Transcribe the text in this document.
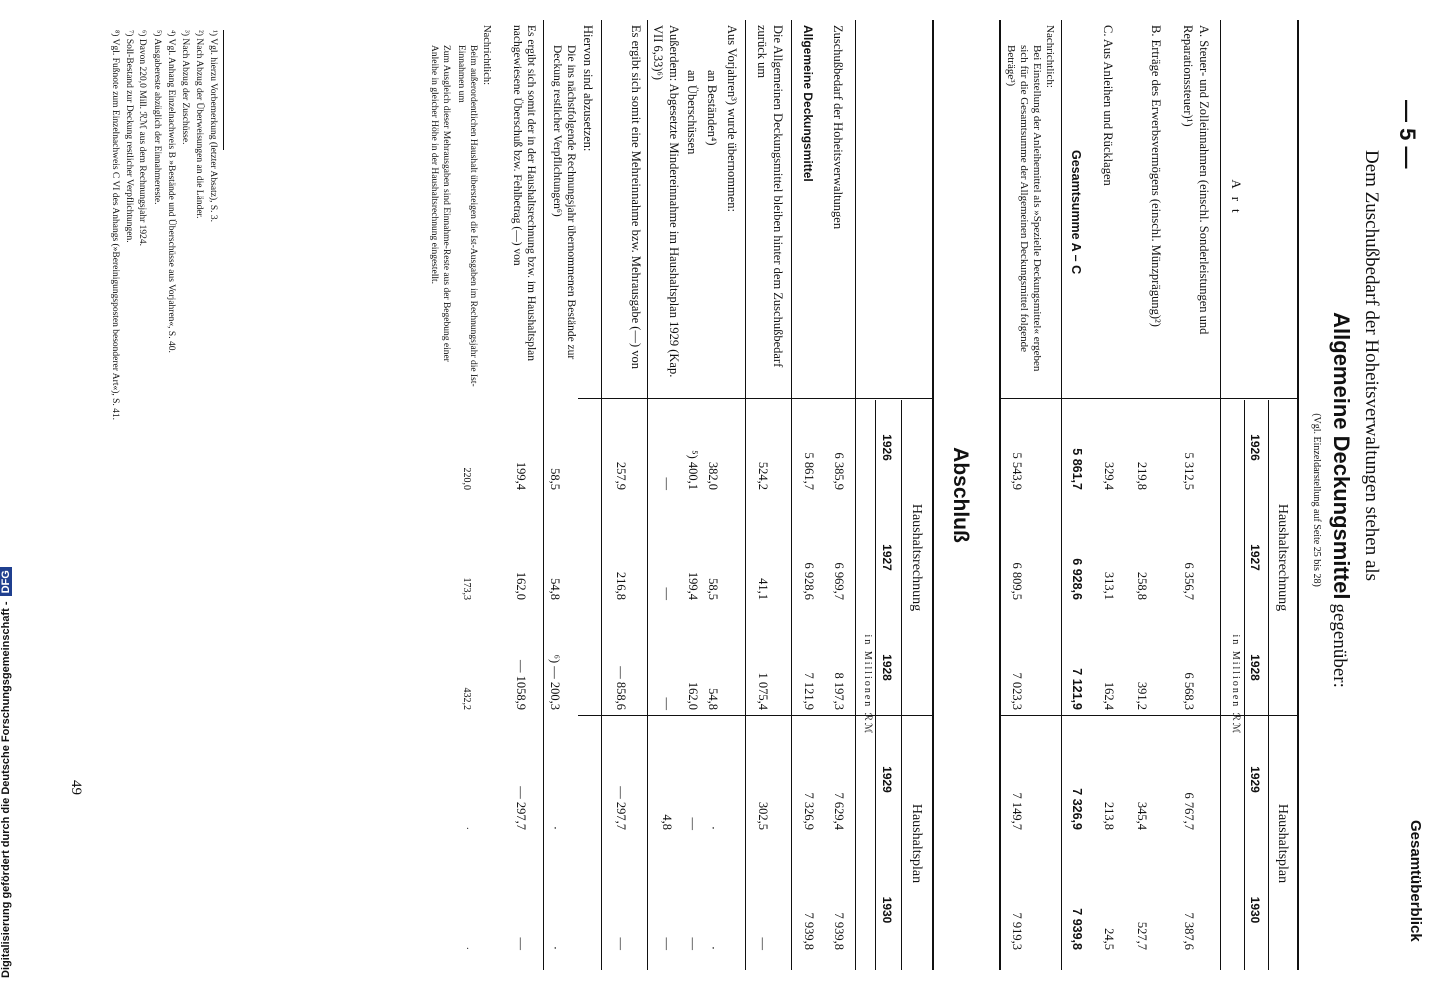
— 5 —
Gesamtüberblick
Dem Zuschußbedarf der Hoheitsverwaltungen stehen als
Allgemeine Deckungsmittel gegenüber:
(Vgl. Einzeldarstellung auf Seite 25 bis 28)
Art
Haushaltsrechnung
Haushaltsplan
1926
1927
1928
1929
1930
in Millionen ℛℳ
A. Steuer- und Zolleinnahmen (einschl. Sonderleistungen und Reparationssteuer)¹)
5 312,5
6 356,7
6 568,3
6 767,7
7 387,6
B. Erträge des Erwerbsvermögens (einschl. Münzprägung)²)
219,8
258,8
391,2
345,4
527,7
C. Aus Anleihen und Rücklagen
329,4
313,1
162,4
213,8
24,5
Gesamtsumme A – C
5 861,7
6 928,6
7 121,9
7 326,9
7 939,8
Nachrichtlich:
Bei Einstellung der Anleihemittel als »Spezielle Deckungsmittel« ergeben sich für die Gesamtsumme der Allgemeinen Deckungsmittel folgende Beträge³)
5 543,9
6 809,5
7 023,3
7 149,7
7 919,3
Abschluß
Haushaltsrechnung
Haushaltsplan
1926
1927
1928
1929
1930
in Millionen ℛℳ
Zuschußbedarf der Hoheitsverwaltungen
6 385,9
6 969,7
8 197,3
7 629,4
7 939,8
Allgemeine Deckungsmittel
5 861,7
6 928,6
7 121,9
7 326,9
7 939,8
Die Allgemeinen Deckungsmittel bleiben hinter dem Zuschußbedarf zurück um
524,2
41,1
1 075,4
302,5
—
Aus Vorjahren³) wurde übernommen:
an Beständen⁴)
382,0
58,5
54,8
·
·
an Überschüssen
⁵) 400,1
199,4
162,0
—
—
Außerdem: Abgesetzte Mindereinnahme im Haushaltsplan 1929 (Kap. VII 6,33)⁶)
—
—
—
4,8
—
Es ergibt sich somit eine Mehreinnahme bzw. Mehrausgabe (—) von
257,9
216,8
— 858,6
— 297,7
—
Hiervon sind abzusetzen:
Die ins nächstfolgende Rechnungsjahr übernommenen Bestände zur Deckung restlicher Verpflichtungen⁶)
58,5
54,8
⁶) — 200,3
·
·
Es ergibt sich somit der in der Haushaltsrechnung bzw. im Haushaltsplan nachgewiesene Überschuß bzw. Fehlbetrag (—) von
199,4
162,0
— 1058,9
— 297,7
—
Nachrichtlich:
Beim außerordentlichen Haushalt übersteigen die Ist-Ausgaben im Rechnungsjahr die Ist-Einnahmen um
220,0
173,3
432,2
·
·
Zum Ausgleich dieser Mehrausgaben sind Einnahme-Reste aus der Begebung einer Anleihe in gleicher Höhe in der Haushaltsrechnung eingestellt.
¹) Vgl. hierzu Vorbemerkung (letzter Absatz), S. 3.
²) Nach Abzug der Überweisungen an die Länder.
³) Nach Abzug der Zuschüsse.
⁴) Vgl. Anhang Einzelnachweis B »Bestände und Überschüsse aus Vorjahren«, S. 40.
⁵) Ausgabereste abzüglich der Einnahmereste.
⁶) Davon 220,0 Mill. ℛℳ aus dem Rechnungsjahr 1924.
⁷) Soll-Bestand zur Deckung restlicher Verpflichtungen.
⁸) Vgl. Fußnote zum Einzelnachweis C VI des Anhangs (»Bereinigungsposten besonderer Art«), S. 41.
49
Digitalisierung gefördert durch die Deutsche Forschungsgemeinschaft - DFG
